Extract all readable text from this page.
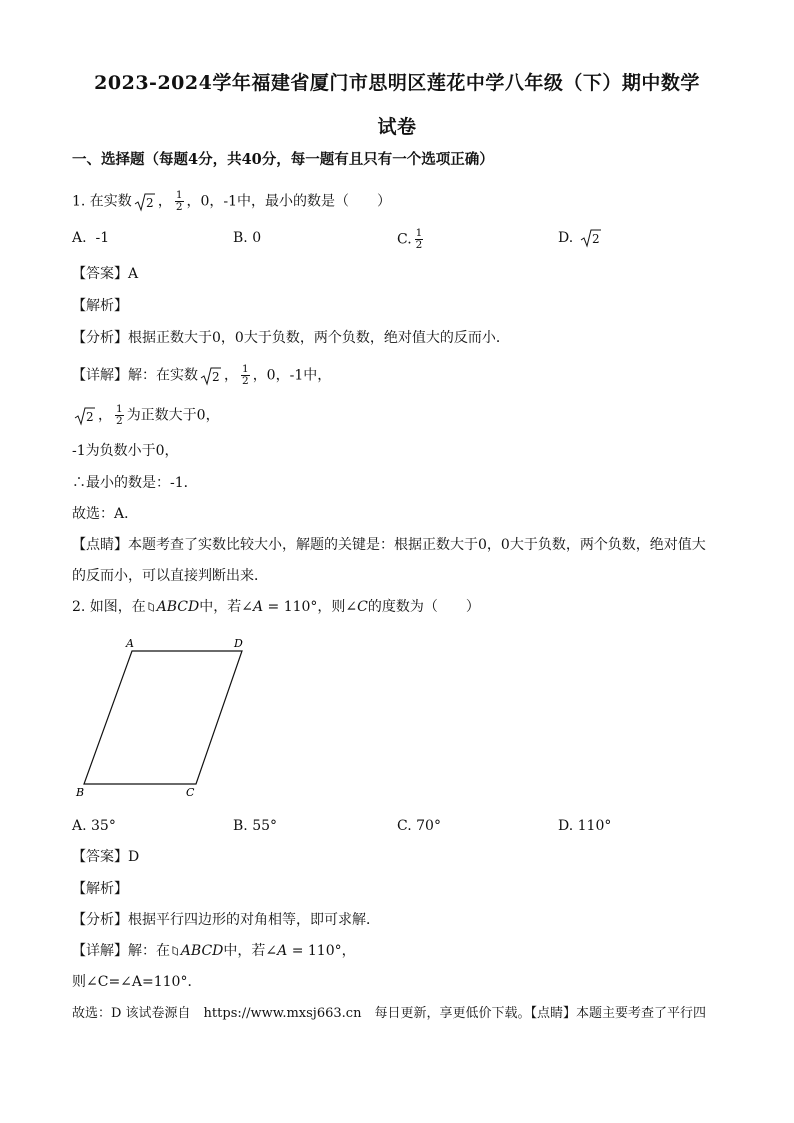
2023-2024学年福建省厦门市思明区莲花中学八年级（下）期中数学
试卷
一、选择题（每题4分，共40分，每一题有且只有一个选项正确）
1. 在实数 2 ， $\frac{1}{2}$ ，0，-1中，最小的数是（　　）
A. -1	B. 0	C. $\frac{1}{2}$	D. 2
【答案】A
【解析】
【分析】根据正数大于0，0大于负数，两个负数，绝对值大的反而小．
【详解】解：在实数 2 ， $\frac{1}{2}$ ，0，-1中，
2 ， $\frac{1}{2}$ 为正数大于0，
-1为负数小于0，
∴最小的数是：-1．
故选：A．
【点睛】本题考查了实数比较大小，解题的关键是：根据正数大于0，0大于负数，两个负数，绝对值大
的反而小，可以直接判断出来．
2. 如图，在▱ABCD中，若∠A = 110°，则∠C的度数为（　　）
A	D
B	C
A. 35°	B. 55°	C. 70°	D. 110°
【答案】D
【解析】
【分析】根据平行四边形的对角相等，即可求解．
【详解】解：在▱ABCD中，若∠A = 110°，
则∠C=∠A=110°．
故选：D 该试卷源自　https://www.mxsj663.cn　每日更新，享更低价下载。【点睛】本题主要考查了平行四
